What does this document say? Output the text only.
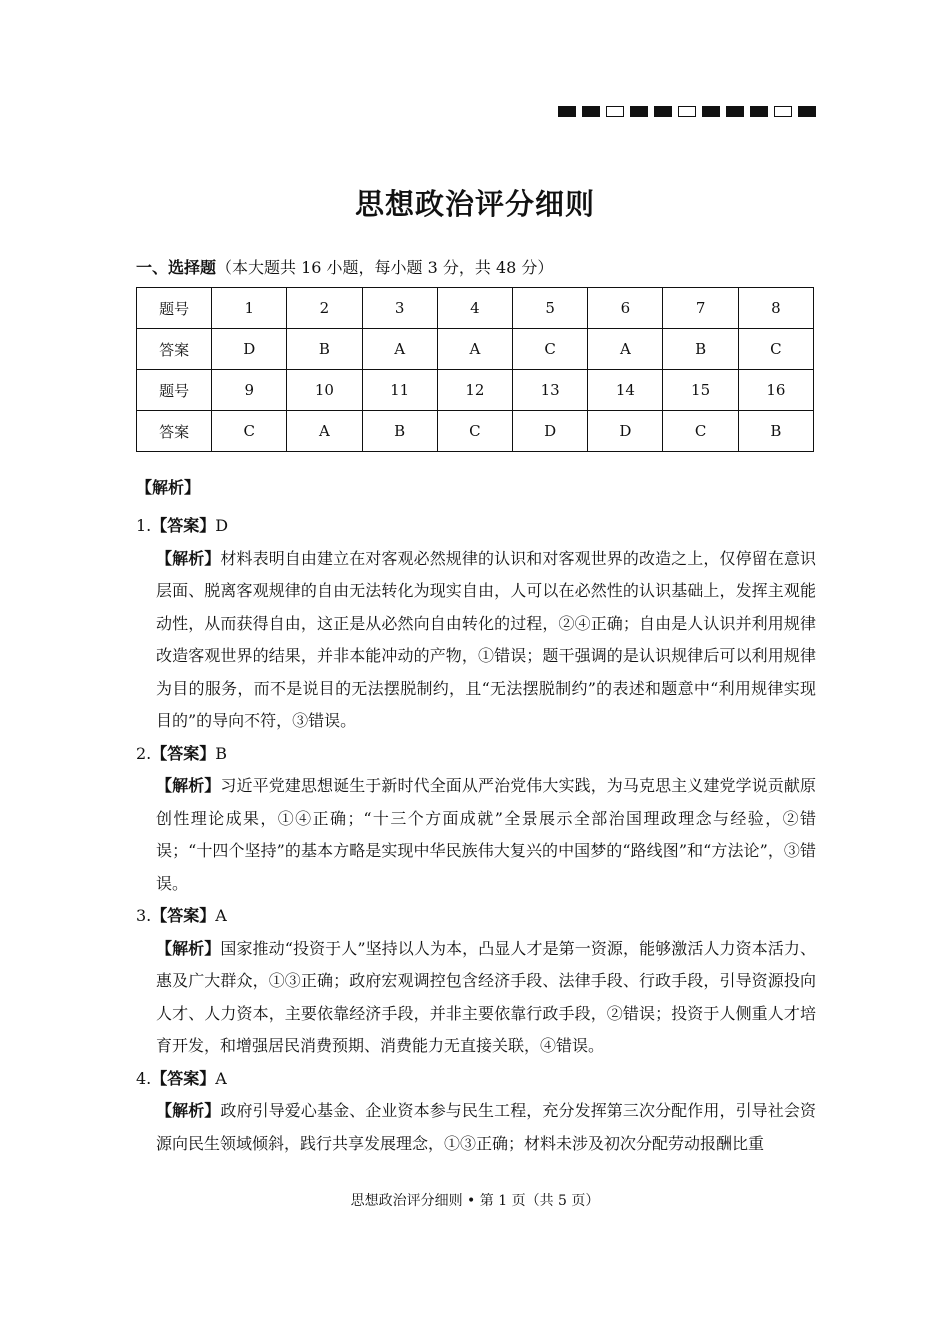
思想政治评分细则
一、选择题（本大题共 16 小题，每小题 3 分，共 48 分）
题号	1	2	3	4	5	6	7	8
答案	D	B	A	A	C	A	B	C
题号	9	10	11	12	13	14	15	16
答案	C	A	B	C	D	D	C	B
【解析】
1.【答案】D
【解析】材料表明自由建立在对客观必然规律的认识和对客观世界的改造之上，仅停留在意识层面、脱离客观规律的自由无法转化为现实自由，人可以在必然性的认识基础上，发挥主观能动性，从而获得自由，这正是从必然向自由转化的过程，②④正确；自由是人认识并利用规律改造客观世界的结果，并非本能冲动的产物，①错误；题干强调的是认识规律后可以利用规律为目的服务，而不是说目的无法摆脱制约，且“无法摆脱制约”的表述和题意中“利用规律实现目的”的导向不符，③错误。
2.【答案】B
【解析】习近平党建思想诞生于新时代全面从严治党伟大实践，为马克思主义建党学说贡献原创性理论成果，①④正确；“十三个方面成就”全景展示全部治国理政理念与经验，②错误；“十四个坚持”的基本方略是实现中华民族伟大复兴的中国梦的“路线图”和“方法论”，③错误。
3.【答案】A
【解析】国家推动“投资于人”坚持以人为本，凸显人才是第一资源，能够激活人力资本活力、惠及广大群众，①③正确；政府宏观调控包含经济手段、法律手段、行政手段，引导资源投向人才、人力资本，主要依靠经济手段，并非主要依靠行政手段，②错误；投资于人侧重人才培育开发，和增强居民消费预期、消费能力无直接关联，④错误。
4.【答案】A
【解析】政府引导爱心基金、企业资本参与民生工程，充分发挥第三次分配作用，引导社会资源向民生领域倾斜，践行共享发展理念，①③正确；材料未涉及初次分配劳动报酬比重
思想政治评分细则 • 第 1 页（共 5 页）
